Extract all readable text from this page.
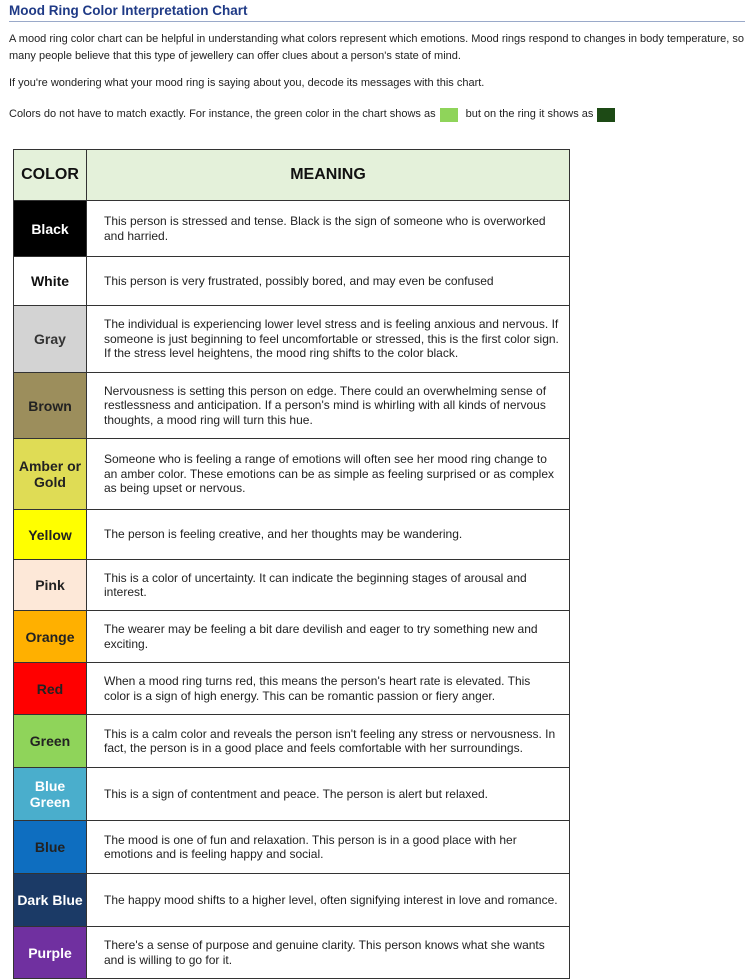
Mood Ring Color Interpretation Chart

A mood ring color chart can be helpful in understanding what colors represent which emotions. Mood rings respond to changes in body temperature, so many people believe that this type of jewellery can offer clues about a person's state of mind.

If you're wondering what your mood ring is saying about you, decode its messages with this chart.

Colors do not have to match exactly. For instance, the green color in the chart shows as	but on the ring it shows as

COLOR	MEANING
Black	This person is stressed and tense. Black is the sign of someone who is overworked and harried.
White	This person is very frustrated, possibly bored, and may even be confused
Gray	The individual is experiencing lower level stress and is feeling anxious and nervous. If someone is just beginning to feel uncomfortable or stressed, this is the first color sign. If the stress level heightens, the mood ring shifts to the color black.
Brown	Nervousness is setting this person on edge. There could an overwhelming sense of restlessness and anticipation. If a person's mind is whirling with all kinds of nervous thoughts, a mood ring will turn this hue.
Amber or Gold	Someone who is feeling a range of emotions will often see her mood ring change to an amber color. These emotions can be as simple as feeling surprised or as complex as being upset or nervous.
Yellow	The person is feeling creative, and her thoughts may be wandering.
Pink	This is a color of uncertainty. It can indicate the beginning stages of arousal and interest.
Orange	The wearer may be feeling a bit dare devilish and eager to try something new and exciting.
Red	When a mood ring turns red, this means the person's heart rate is elevated. This color is a sign of high energy. This can be romantic passion or fiery anger.
Green	This is a calm color and reveals the person isn't feeling any stress or nervousness. In fact, the person is in a good place and feels comfortable with her surroundings.
Blue Green	This is a sign of contentment and peace. The person is alert but relaxed.
Blue	The mood is one of fun and relaxation. This person is in a good place with her emotions and is feeling happy and social.
Dark Blue	The happy mood shifts to a higher level, often signifying interest in love and romance.
Purple	There's a sense of purpose and genuine clarity. This person knows what she wants and is willing to go for it.
